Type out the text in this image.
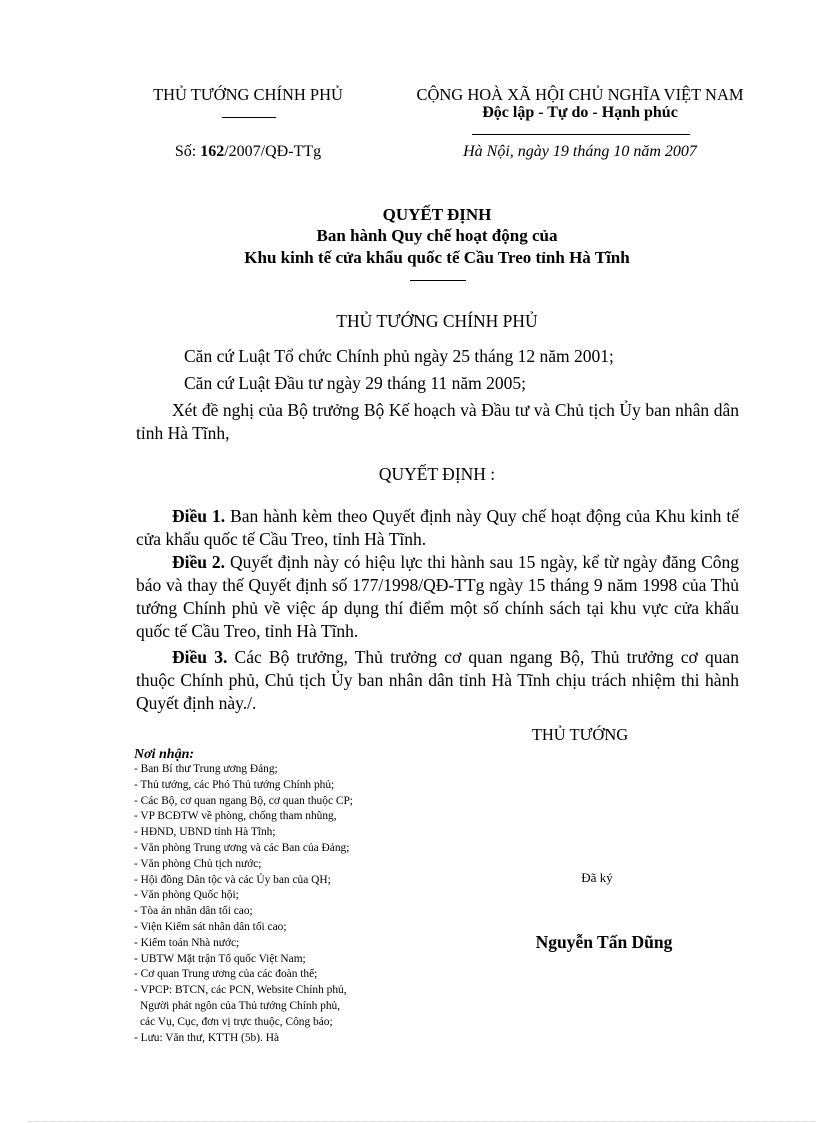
THỦ TƯỚNG CHÍNH PHỦ
Số: 162/2007/QĐ-TTg
CỘNG HOÀ XÃ HỘI CHỦ NGHĨA VIỆT NAM
Độc lập - Tự do - Hạnh phúc
Hà Nội, ngày 19 tháng 10 năm 2007
QUYẾT ĐỊNH
Ban hành Quy chế hoạt động của
Khu kinh tế cửa khẩu quốc tế Cầu Treo tỉnh Hà Tĩnh
THỦ TƯỚNG CHÍNH PHỦ
Căn cứ Luật Tổ chức Chính phủ ngày 25 tháng 12 năm 2001;
Căn cứ Luật Đầu tư ngày 29 tháng 11 năm 2005;
Xét đề nghị của Bộ trưởng Bộ Kế hoạch và Đầu tư và Chủ tịch Ủy ban nhân dân tỉnh Hà Tĩnh,
QUYẾT ĐỊNH :
Điều 1. Ban hành kèm theo Quyết định này Quy chế hoạt động của Khu kinh tế cửa khẩu quốc tế Cầu Treo, tỉnh Hà Tĩnh.
Điều 2. Quyết định này có hiệu lực thi hành sau 15 ngày, kể từ ngày đăng Công báo và thay thế Quyết định số 177/1998/QĐ-TTg ngày 15 tháng 9 năm 1998 của Thủ tướng Chính phủ về việc áp dụng thí điểm một số chính sách tại khu vực cửa khẩu quốc tế Cầu Treo, tỉnh Hà Tĩnh.
Điều 3. Các Bộ trưởng, Thủ trưởng cơ quan ngang Bộ, Thủ trưởng cơ quan thuộc Chính phủ, Chủ tịch Ủy ban nhân dân tỉnh Hà Tĩnh chịu trách nhiệm thi hành Quyết định này./.
THỦ TƯỚNG
Đã ký
Nguyễn Tấn Dũng
Nơi nhận:
- Ban Bí thư Trung ương Đảng;
- Thủ tướng, các Phó Thủ tướng Chính phủ;
- Các Bộ, cơ quan ngang Bộ, cơ quan thuộc CP;
- VP BCĐTW về phòng, chống tham nhũng,
- HĐND, UBND tỉnh Hà Tĩnh;
- Văn phòng Trung ương và các Ban của Đảng;
- Văn phòng Chủ tịch nước;
- Hội đồng Dân tộc và các Ủy ban của QH;
- Văn phòng Quốc hội;
- Tòa án nhân dân tối cao;
- Viện Kiểm sát nhân dân tối cao;
- Kiểm toán Nhà nước;
- UBTW Mặt trận Tổ quốc Việt Nam;
- Cơ quan Trung ương của các đoàn thể;
- VPCP: BTCN, các PCN, Website Chính phủ,
Người phát ngôn của Thủ tướng Chính phủ,
các Vụ, Cục, đơn vị trực thuộc, Công báo;
- Lưu: Văn thư, KTTH (5b). Hà
